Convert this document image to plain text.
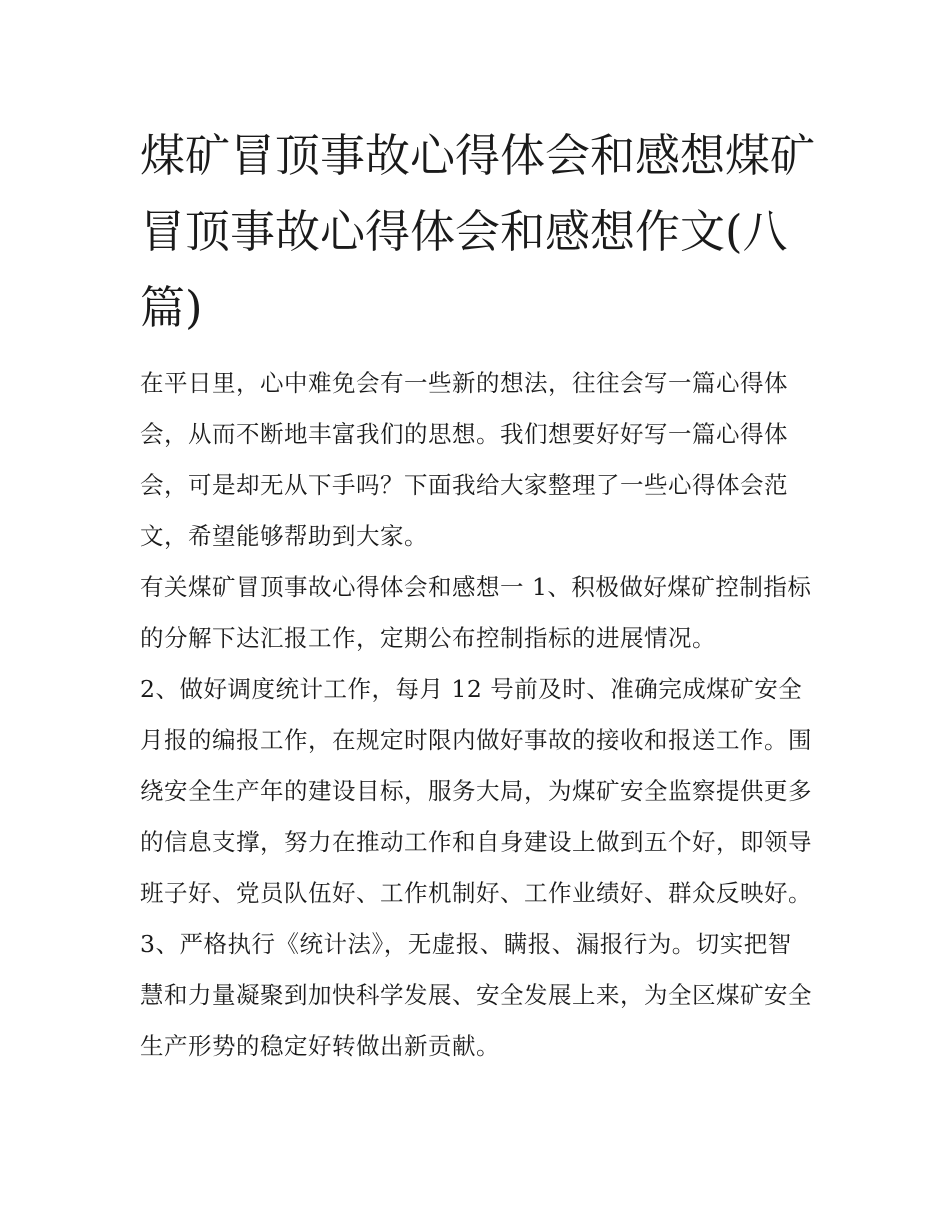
煤矿冒顶事故心得体会和感想煤矿冒顶事故心得体会和感想作文(八篇)

在平日里，心中难免会有一些新的想法，往往会写一篇心得体会，从而不断地丰富我们的思想。我们想要好好写一篇心得体会，可是却无从下手吗？下面我给大家整理了一些心得体会范文，希望能够帮助到大家。

有关煤矿冒顶事故心得体会和感想一 1、积极做好煤矿控制指标的分解下达汇报工作，定期公布控制指标的进展情况。

2、做好调度统计工作，每月 12 号前及时、准确完成煤矿安全月报的编报工作，在规定时限内做好事故的接收和报送工作。围绕安全生产年的建设目标，服务大局，为煤矿安全监察提供更多的信息支撑，努力在推动工作和自身建设上做到五个好，即领导班子好、党员队伍好、工作机制好、工作业绩好、群众反映好。

3、严格执行《统计法》，无虚报、瞒报、漏报行为。切实把智慧和力量凝聚到加快科学发展、安全发展上来，为全区煤矿安全生产形势的稳定好转做出新贡献。
